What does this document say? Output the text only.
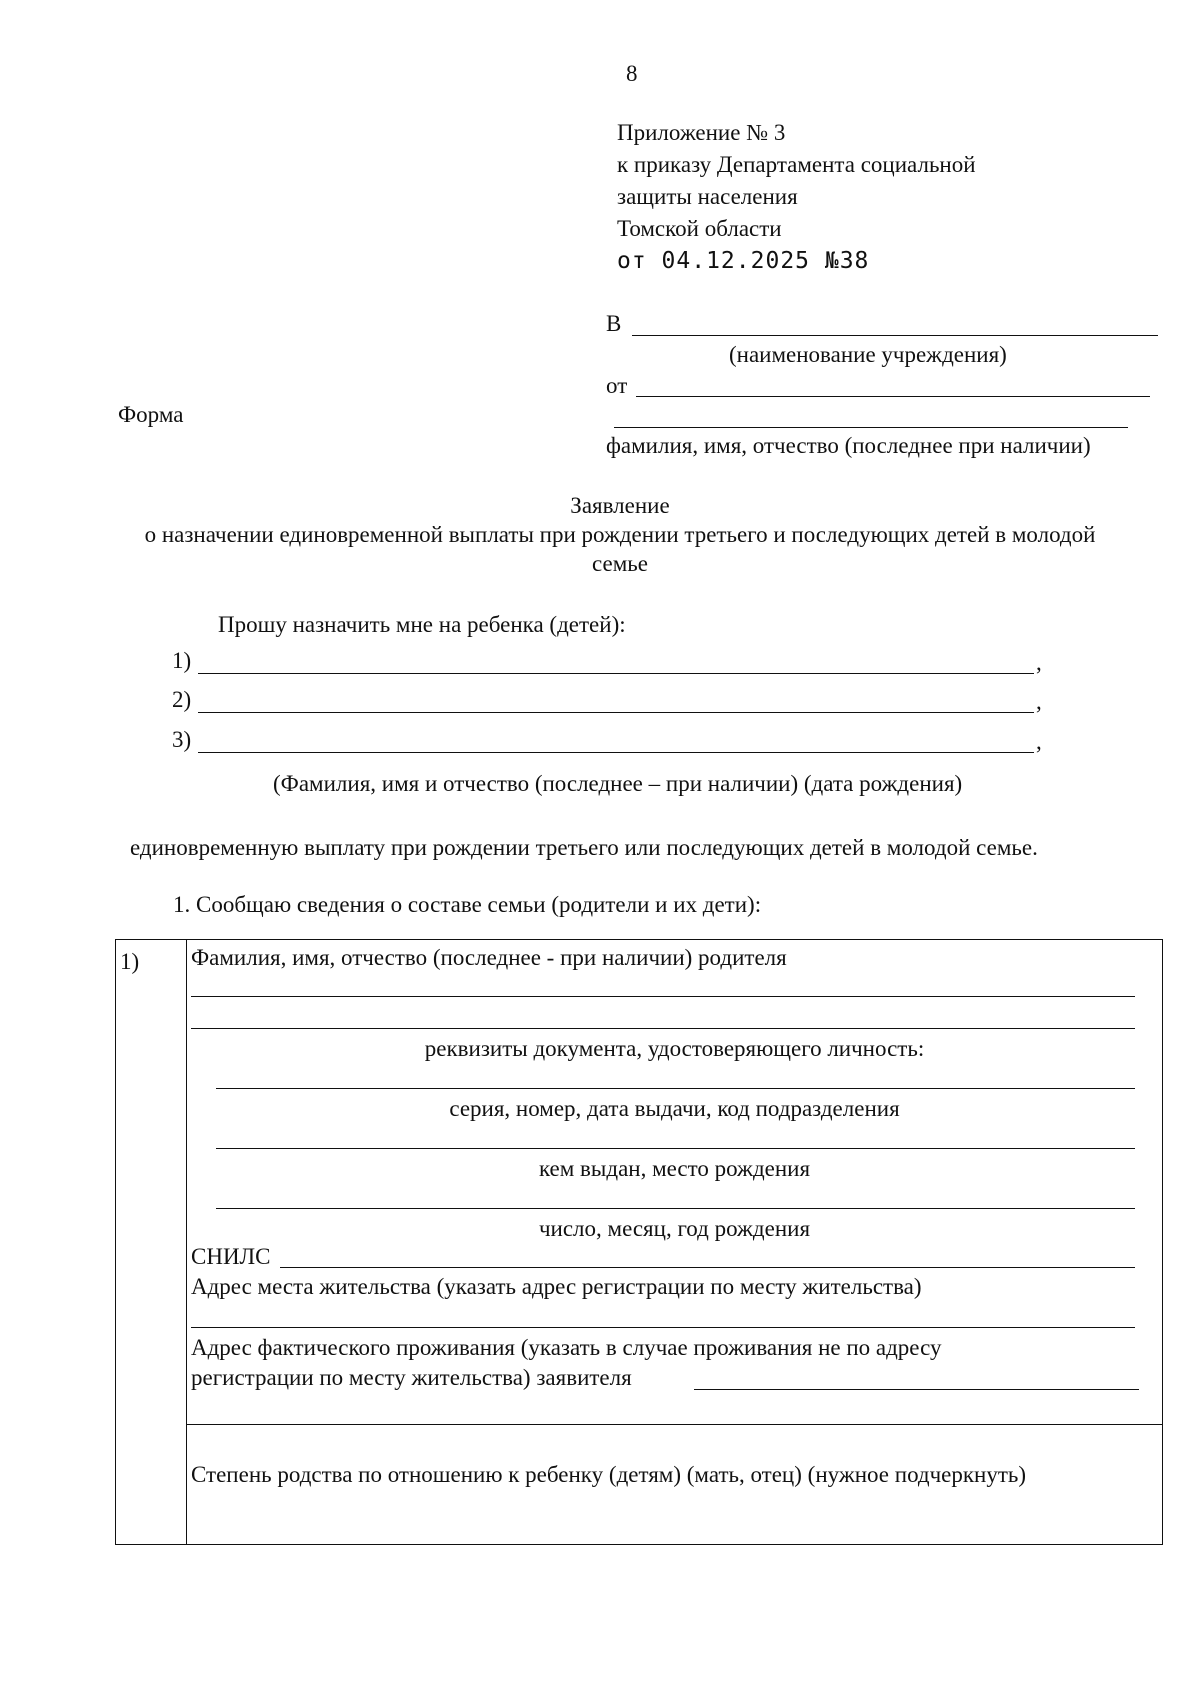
8
Приложение № 3
к приказу Департамента социальной
защиты населения
Томской области
от 04.12.2025 №38
В
(наименование учреждения)
от
фамилия, имя, отчество (последнее при наличии)
Форма
Заявление
о назначении единовременной выплаты при рождении третьего и последующих детей в молодой семье
Прошу назначить мне на ребенка (детей):
1)	,
2)	,
3)	,
(Фамилия, имя и отчество (последнее – при наличии) (дата рождения)
единовременную выплату при рождении третьего или последующих детей в молодой семье.
1. Сообщаю сведения о составе семьи (родители и их дети):
1) Фамилия, имя, отчество (последнее - при наличии) родителя
реквизиты документа, удостоверяющего личность:
серия, номер, дата выдачи, код подразделения
кем выдан, место рождения
число, месяц, год рождения
СНИЛС
Адрес места жительства (указать адрес регистрации по месту жительства)
Адрес фактического проживания (указать в случае проживания не по адресу
регистрации по месту жительства) заявителя
Степень родства по отношению к ребенку (детям) (мать, отец) (нужное подчеркнуть)
